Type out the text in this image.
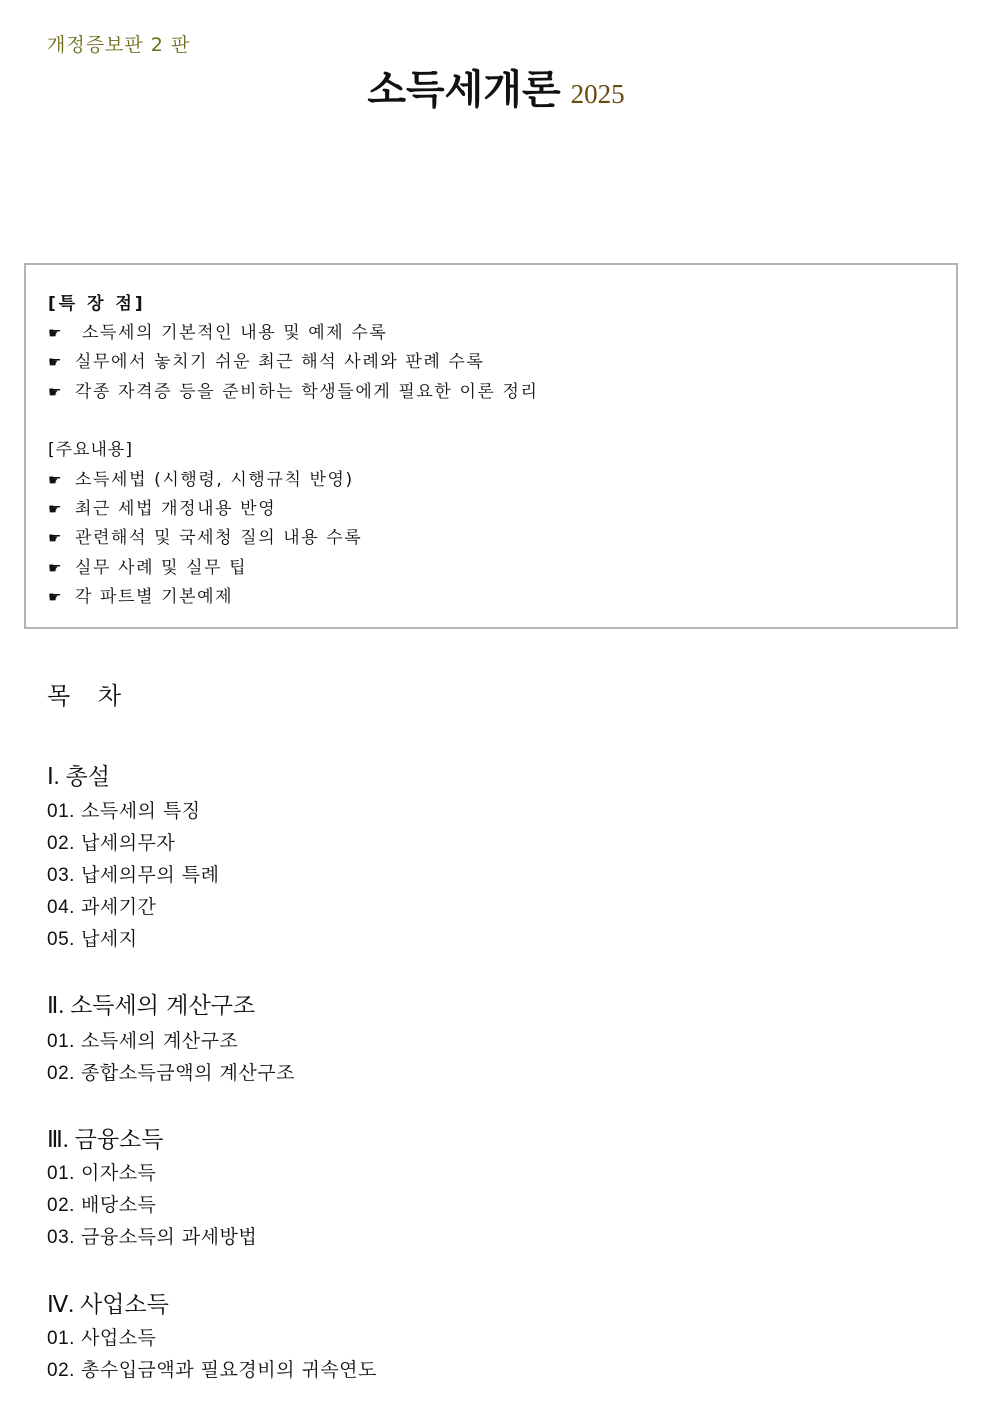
개정증보판 2 판
소득세개론 2025
[특 장 점]
☛ 소득세의 기본적인 내용 및 예제 수록
☛ 실무에서 놓치기 쉬운 최근 해석 사례와 판례 수록
☛ 각종 자격증 등을 준비하는 학생들에게 필요한 이론 정리
[주요내용]
☛ 소득세법 (시행령, 시행규칙 반영)
☛ 최근 세법 개정내용 반영
☛ 관련해석 및 국세청 질의 내용 수록
☛ 실무 사례 및 실무 팁
☛ 각 파트별 기본예제
목 차
Ⅰ. 총설
01. 소득세의 특징
02. 납세의무자
03. 납세의무의 특례
04. 과세기간
05. 납세지
Ⅱ. 소득세의 계산구조
01. 소득세의 계산구조
02. 종합소득금액의 계산구조
Ⅲ. 금융소득
01. 이자소득
02. 배당소득
03. 금융소득의 과세방법
Ⅳ. 사업소득
01. 사업소득
02. 총수입금액과 필요경비의 귀속연도
